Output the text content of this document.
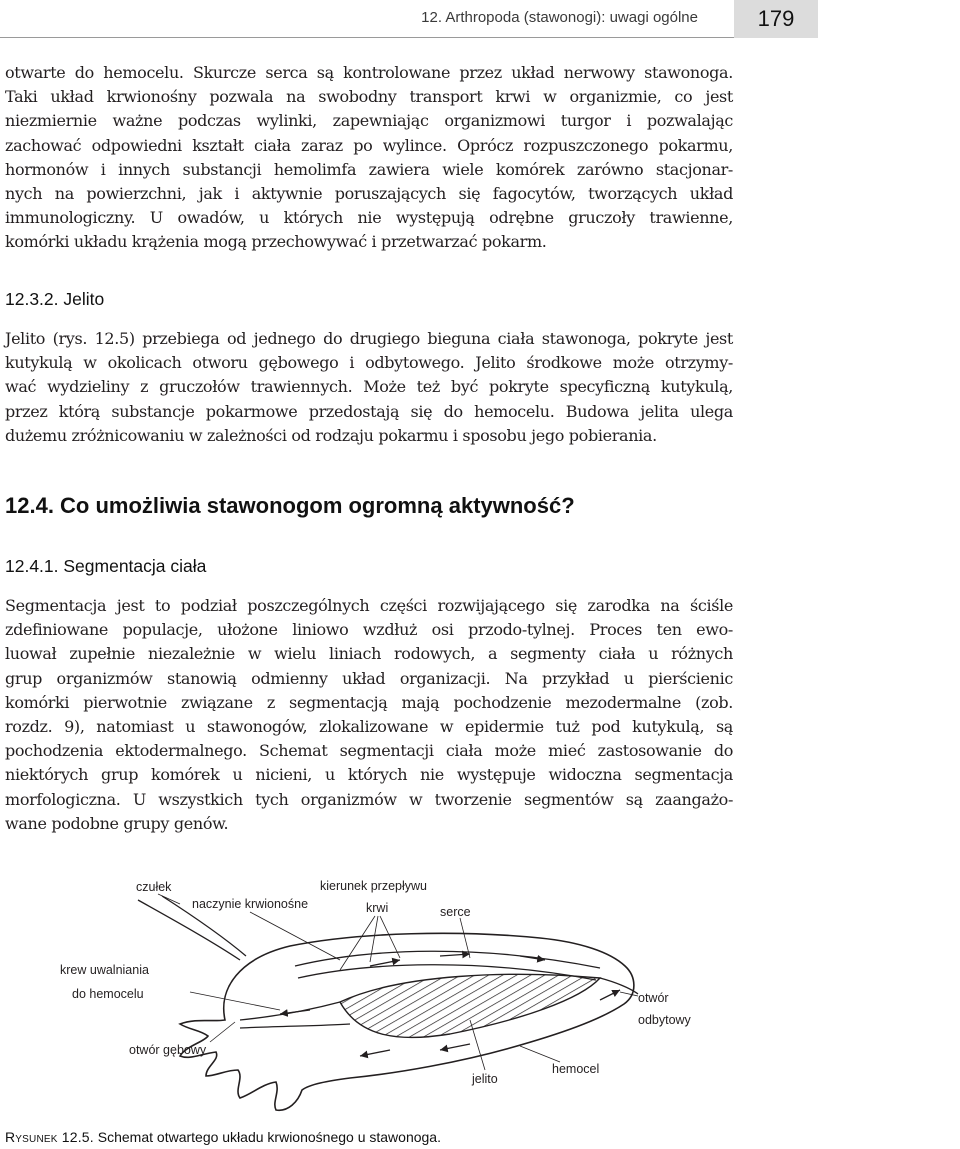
12. Arthropoda (stawonogi): uwagi ogólne	179
otwarte do hemocelu. Skurcze serca są kontrolowane przez układ nerwowy stawonoga.
Taki układ krwionośny pozwala na swobodny transport krwi w organizmie, co jest
niezmiernie ważne podczas wylinki, zapewniając organizmowi turgor i pozwalając
zachować odpowiedni kształt ciała zaraz po wylince. Oprócz rozpuszczonego pokarmu,
hormonów i innych substancji hemolimfa zawiera wiele komórek zarówno stacjonar-
nych na powierzchni, jak i aktywnie poruszających się fagocytów, tworzących układ
immunologiczny. U owadów, u których nie występują odrębne gruczoły trawienne,
komórki układu krążenia mogą przechowywać i przetwarzać pokarm.
12.3.2. Jelito
Jelito (rys. 12.5) przebiega od jednego do drugiego bieguna ciała stawonoga, pokryte jest
kutykulą w okolicach otworu gębowego i odbytowego. Jelito środkowe może otrzymy-
wać wydzieliny z gruczołów trawiennych. Może też być pokryte specyficzną kutykulą,
przez którą substancje pokarmowe przedostają się do hemocelu. Budowa jelita ulega
dużemu zróżnicowaniu w zależności od rodzaju pokarmu i sposobu jego pobierania.
12.4. Co umożliwia stawonogom ogromną aktywność?
12.4.1. Segmentacja ciała
Segmentacja jest to podział poszczególnych części rozwijającego się zarodka na ściśle
zdefiniowane populacje, ułożone liniowo wzdłuż osi przodo-tylnej. Proces ten ewo-
luował zupełnie niezależnie w wielu liniach rodowych, a segmenty ciała u różnych
grup organizmów stanowią odmienny układ organizacji. Na przykład u pierścienic
komórki pierwotnie związane z segmentacją mają pochodzenie mezodermalne (zob.
rozdz. 9), natomiast u stawonogów, zlokalizowane w epidermie tuż pod kutykulą, są
pochodzenia ektodermalnego. Schemat segmentacji ciała może mieć zastosowanie do
niektórych grup komórek u nicieni, u których nie występuje widoczna segmentacja
morfologiczna. U wszystkich tych organizmów w tworzenie segmentów są zaangażo-
wane podobne grupy genów.
czułek
naczynie krwionośne
kierunek przepływu
krwi	serce
krew uwalniania
do hemocelu	otwór
odbytowy
otwór gębowy
jelito
hemocel
Rysunek 12.5. Schemat otwartego układu krwionośnego u stawonoga.
